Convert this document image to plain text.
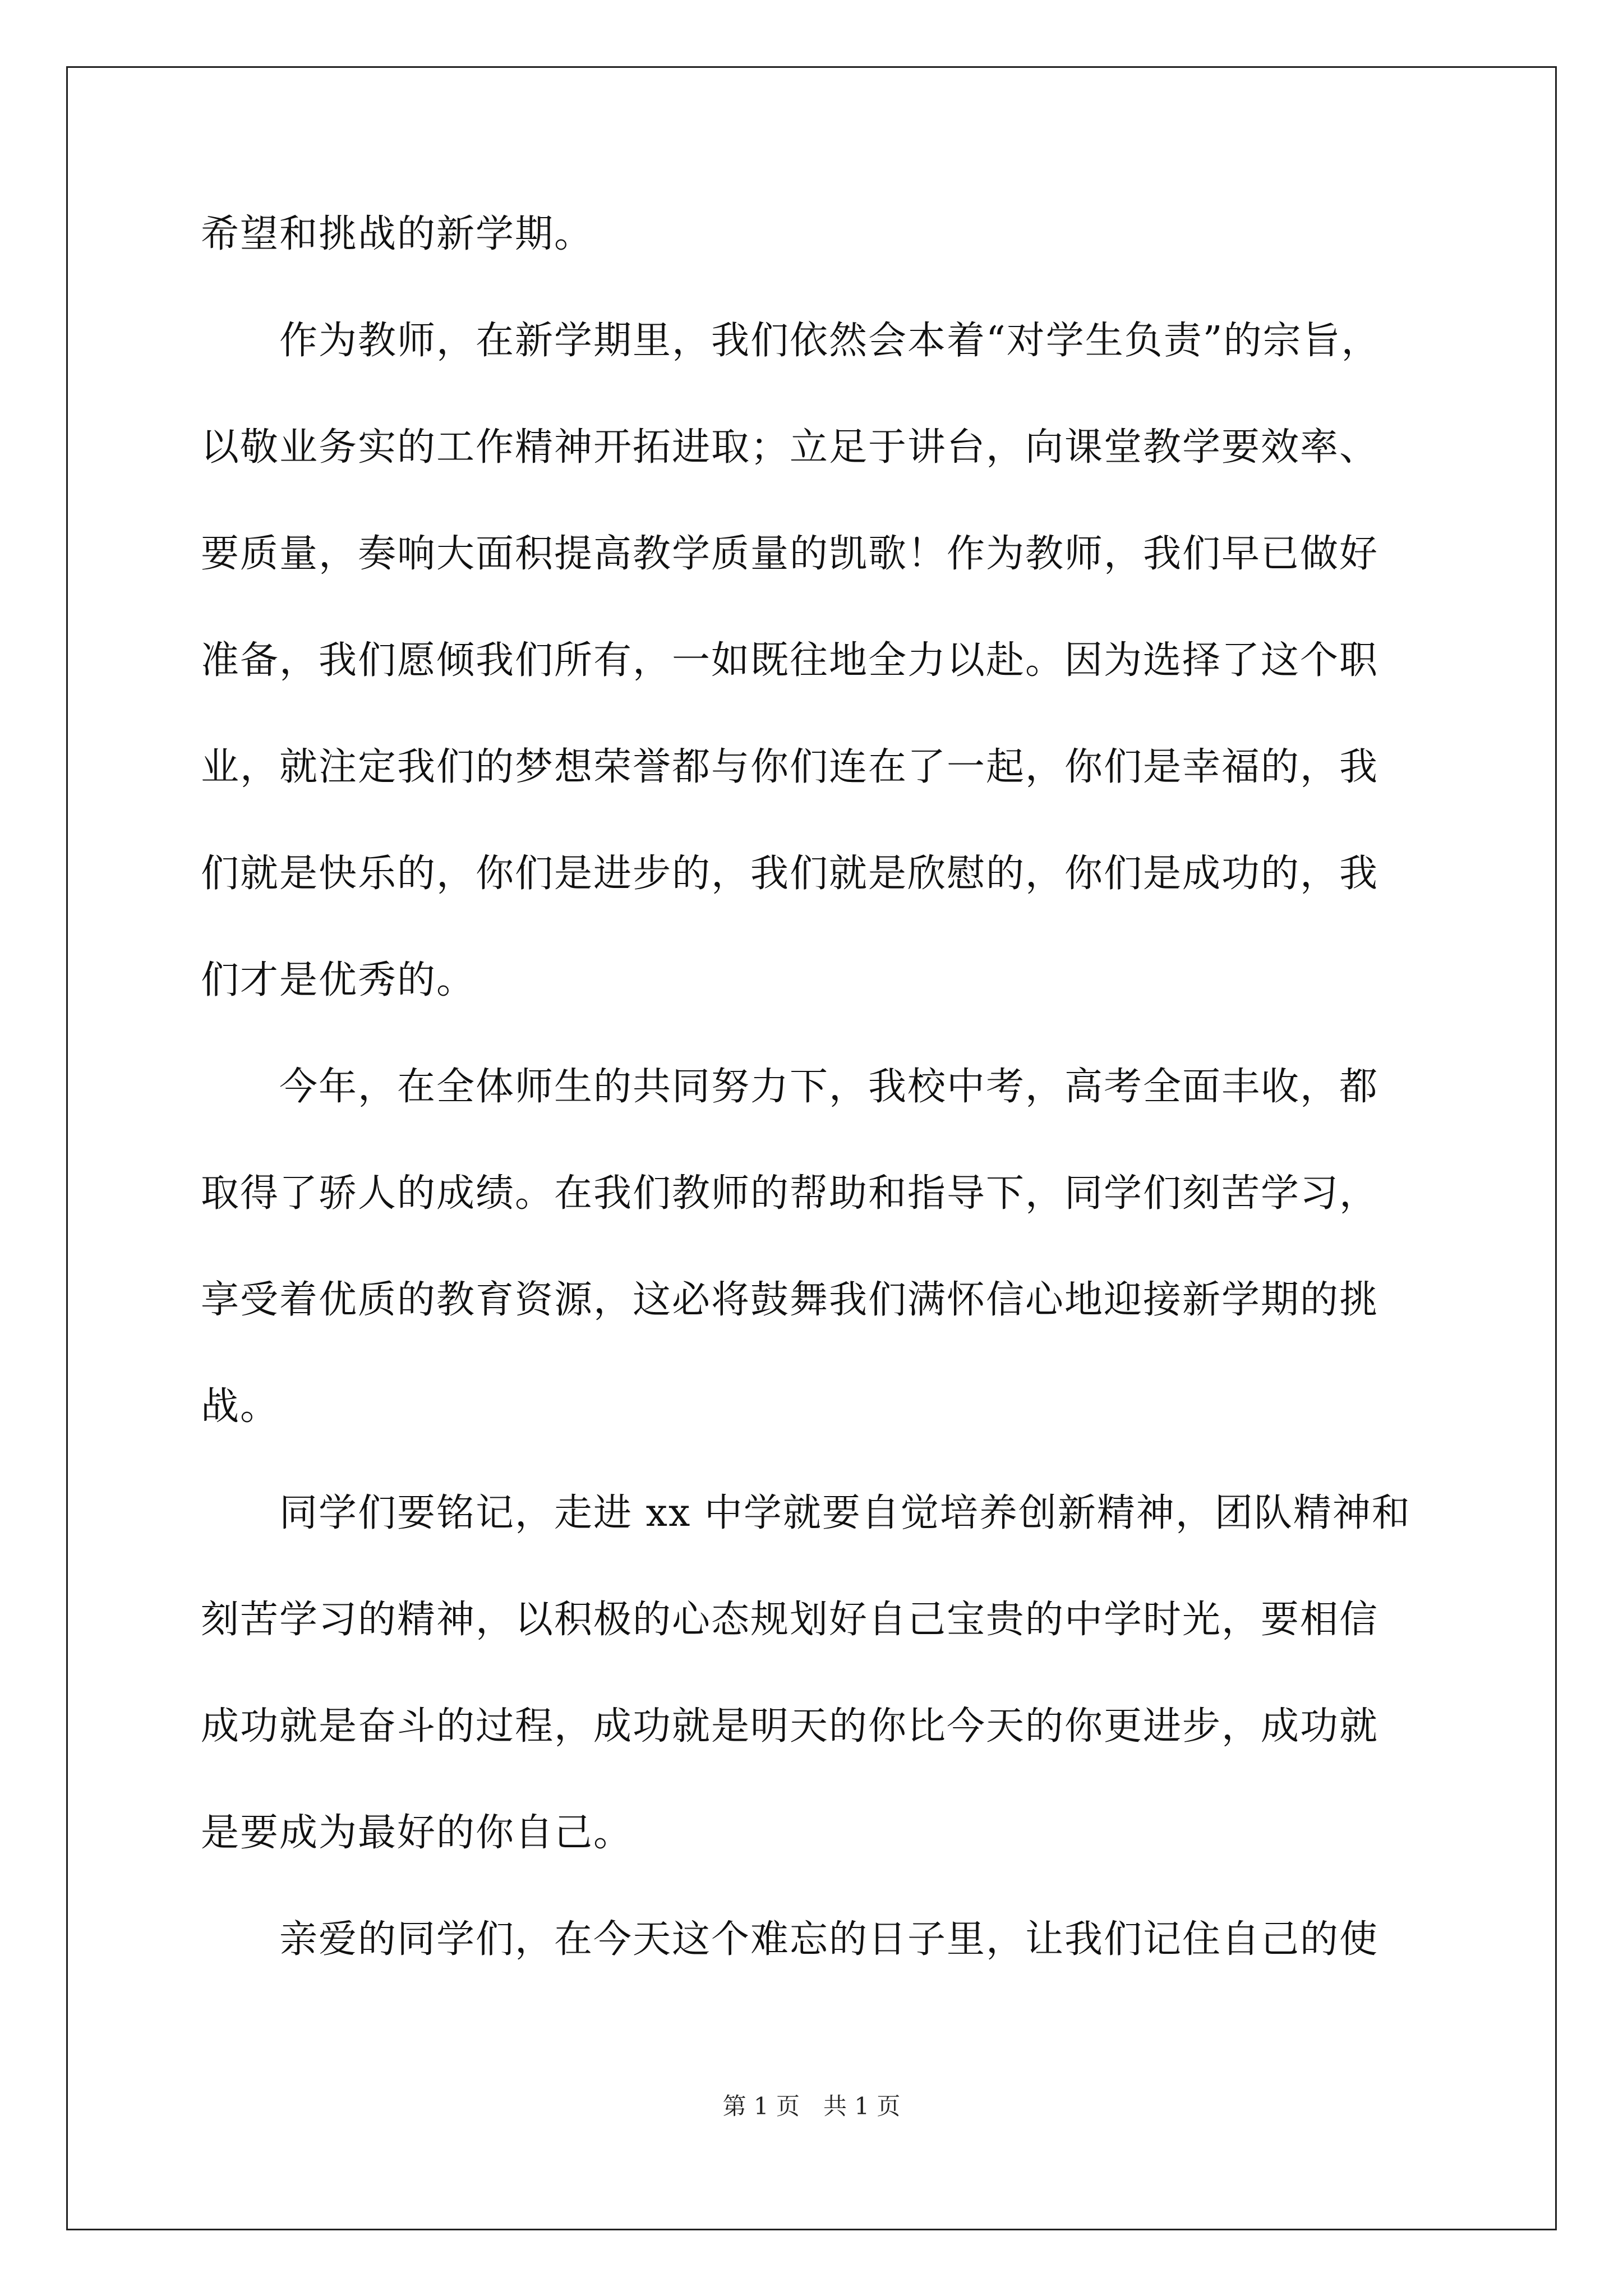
希望和挑战的新学期。
　　作为教师，在新学期里，我们依然会本着“对学生负责”的宗旨，
以敬业务实的工作精神开拓进取；立足于讲台，向课堂教学要效率、
要质量，奏响大面积提高教学质量的凯歌！作为教师，我们早已做好
准备，我们愿倾我们所有，一如既往地全力以赴。因为选择了这个职
业，就注定我们的梦想荣誉都与你们连在了一起，你们是幸福的，我
们就是快乐的，你们是进步的，我们就是欣慰的，你们是成功的，我
们才是优秀的。
　　今年，在全体师生的共同努力下，我校中考，高考全面丰收，都
取得了骄人的成绩。在我们教师的帮助和指导下，同学们刻苦学习，
享受着优质的教育资源，这必将鼓舞我们满怀信心地迎接新学期的挑
战。
　　同学们要铭记，走进 xx 中学就要自觉培养创新精神，团队精神和
刻苦学习的精神，以积极的心态规划好自己宝贵的中学时光，要相信
成功就是奋斗的过程，成功就是明天的你比今天的你更进步，成功就
是要成为最好的你自己。
　　亲爱的同学们，在今天这个难忘的日子里，让我们记住自己的使
第 1 页　共 1 页
